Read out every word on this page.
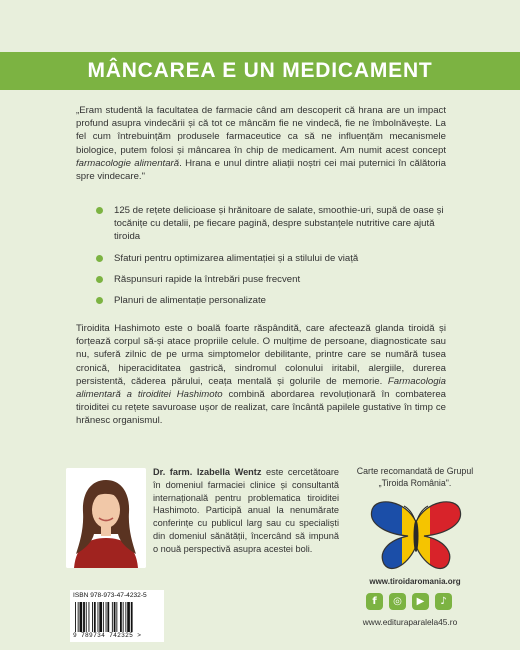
MÂNCAREA E UN MEDICAMENT

„Eram studentă la facultatea de farmacie când am descoperit că hrana are un impact profund asupra vindecării și că tot ce mâncăm fie ne vindecă, fie ne îmbolnăvește. La fel cum întrebuințăm produsele farmaceutice ca să ne influențăm mecanismele biologice, putem folosi și mâncarea în chip de medicament. Am numit acest concept farmacologie alimentară. Hrana e unul dintre aliații noștri cei mai puternici în călătoria spre vindecare."

125 de rețete delicioase și hrănitoare de salate, smoothie-uri, supă de oase și tocănițe cu detalii, pe fiecare pagină, despre substanțele nutritive care ajută tiroida
Sfaturi pentru optimizarea alimentației și a stilului de viață
Răspunsuri rapide la întrebări puse frecvent
Planuri de alimentație personalizate

Tiroidita Hashimoto este o boală foarte răspândită, care afectează glanda tiroidă și forțează corpul să-și atace propriile celule. O mulțime de persoane, diagnosticate sau nu, suferă zilnic de pe urma simptomelor debilitante, printre care se numără tusea cronică, hiperaciditatea gastrică, sindromul colonului iritabil, alergiile, durerea persistentă, căderea părului, ceața mentală și golurile de memorie. Farmacologia alimentară a tiroiditei Hashimoto combină abordarea revoluționară în combaterea tiroiditei cu rețete savuroase ușor de realizat, care încântă papilele gustative în timp ce hrănesc organismul.

Dr. farm. Izabella Wentz este cercetătoare în domeniul farmaciei clinice și consultantă internațională pentru problematica tiroiditei Hashimoto. Participă anual la nenumărate conferințe cu publicul larg sau cu specialiști din domeniul sănătății, încercând să impună o nouă perspectivă asupra acestei boli.

Carte recomandată de Grupul „Tiroida România".

www.tiroidaromania.org
ISBN 978-973-47-4232-5
9 789734 742325 >
f	◎	▶	♪
www.edituraparalela45.ro
